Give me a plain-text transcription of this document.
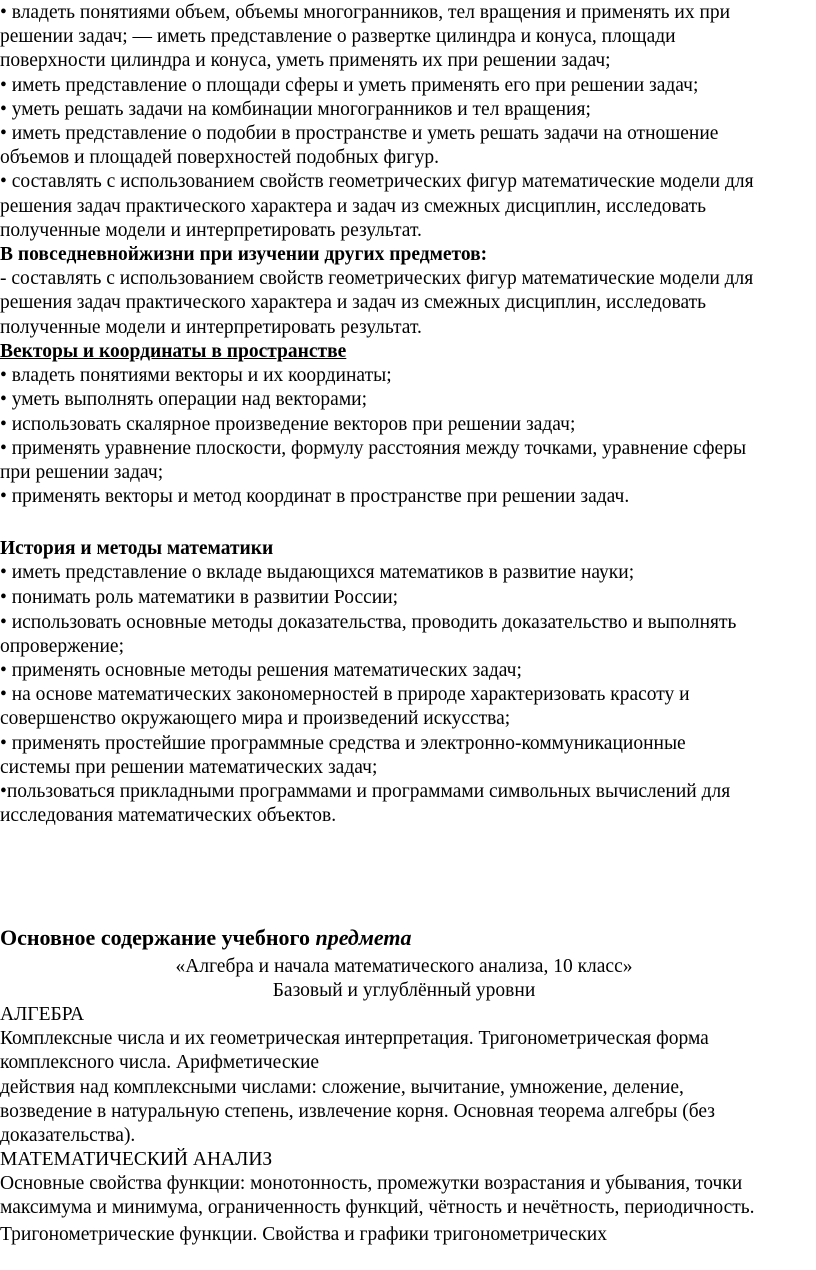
• владеть понятиями объем, объемы многогранников, тел вращения и применять их при
решении задач; — иметь представление о развертке цилиндра и конуса, площади
поверхности цилиндра и конуса, уметь применять их при решении задач;
• иметь представление о площади сферы и уметь применять его при решении задач;
• уметь решать задачи на комбинации многогранников и тел вращения;
• иметь представление о подобии в пространстве и уметь решать задачи на отношение
объемов и площадей поверхностей подобных фигур.
• составлять с использованием свойств геометрических фигур математические модели для
решения задач практического характера и задач из смежных дисциплин, исследовать
полученные модели и интерпретировать результат.
В повседневнойжизни при изучении других предметов:
- составлять с использованием свойств геометрических фигур математические модели для
решения задач практического характера и задач из смежных дисциплин, исследовать
полученные модели и интерпретировать результат.
Векторы и координаты в пространстве
• владеть понятиями векторы и их координаты;
• уметь выполнять операции над векторами;
• использовать скалярное произведение векторов при решении задач;
• применять уравнение плоскости, формулу расстояния между точками, уравнение сферы
при решении задач;
• применять векторы и метод координат в пространстве при решении задач.
История и методы математики
• иметь представление о вкладе выдающихся математиков в развитие науки;
• понимать роль математики в развитии России;
• использовать основные методы доказательства, проводить доказательство и выполнять
опровержение;
• применять основные методы решения математических задач;
• на основе математических закономерностей в природе характеризовать красоту и
совершенство окружающего мира и произведений искусства;
• применять простейшие программные средства и электронно-коммуникационные
системы при решении математических задач;
•пользоваться прикладными программами и программами символьных вычислений для
исследования математических объектов.
Основное содержание учебного предмета
«Алгебра и начала математического анализа, 10 класс»
Базовый и углублённый уровни
АЛГЕБРА
Комплексные числа и их геометрическая интерпретация. Тригонометрическая форма
комплексного числа. Арифметические
действия над комплексными числами: сложение, вычитание, умножение, деление,
возведение в натуральную степень, извлечение корня. Основная теорема алгебры (без
доказательства).
МАТЕМАТИЧЕСКИЙ АНАЛИЗ
Основные свойства функции: монотонность, промежутки возрастания и убывания, точки
максимума и минимума, ограниченность функций, чётность и нечётность, периодичность.
Тригонометрические функции. Свойства и графики тригонометрических
